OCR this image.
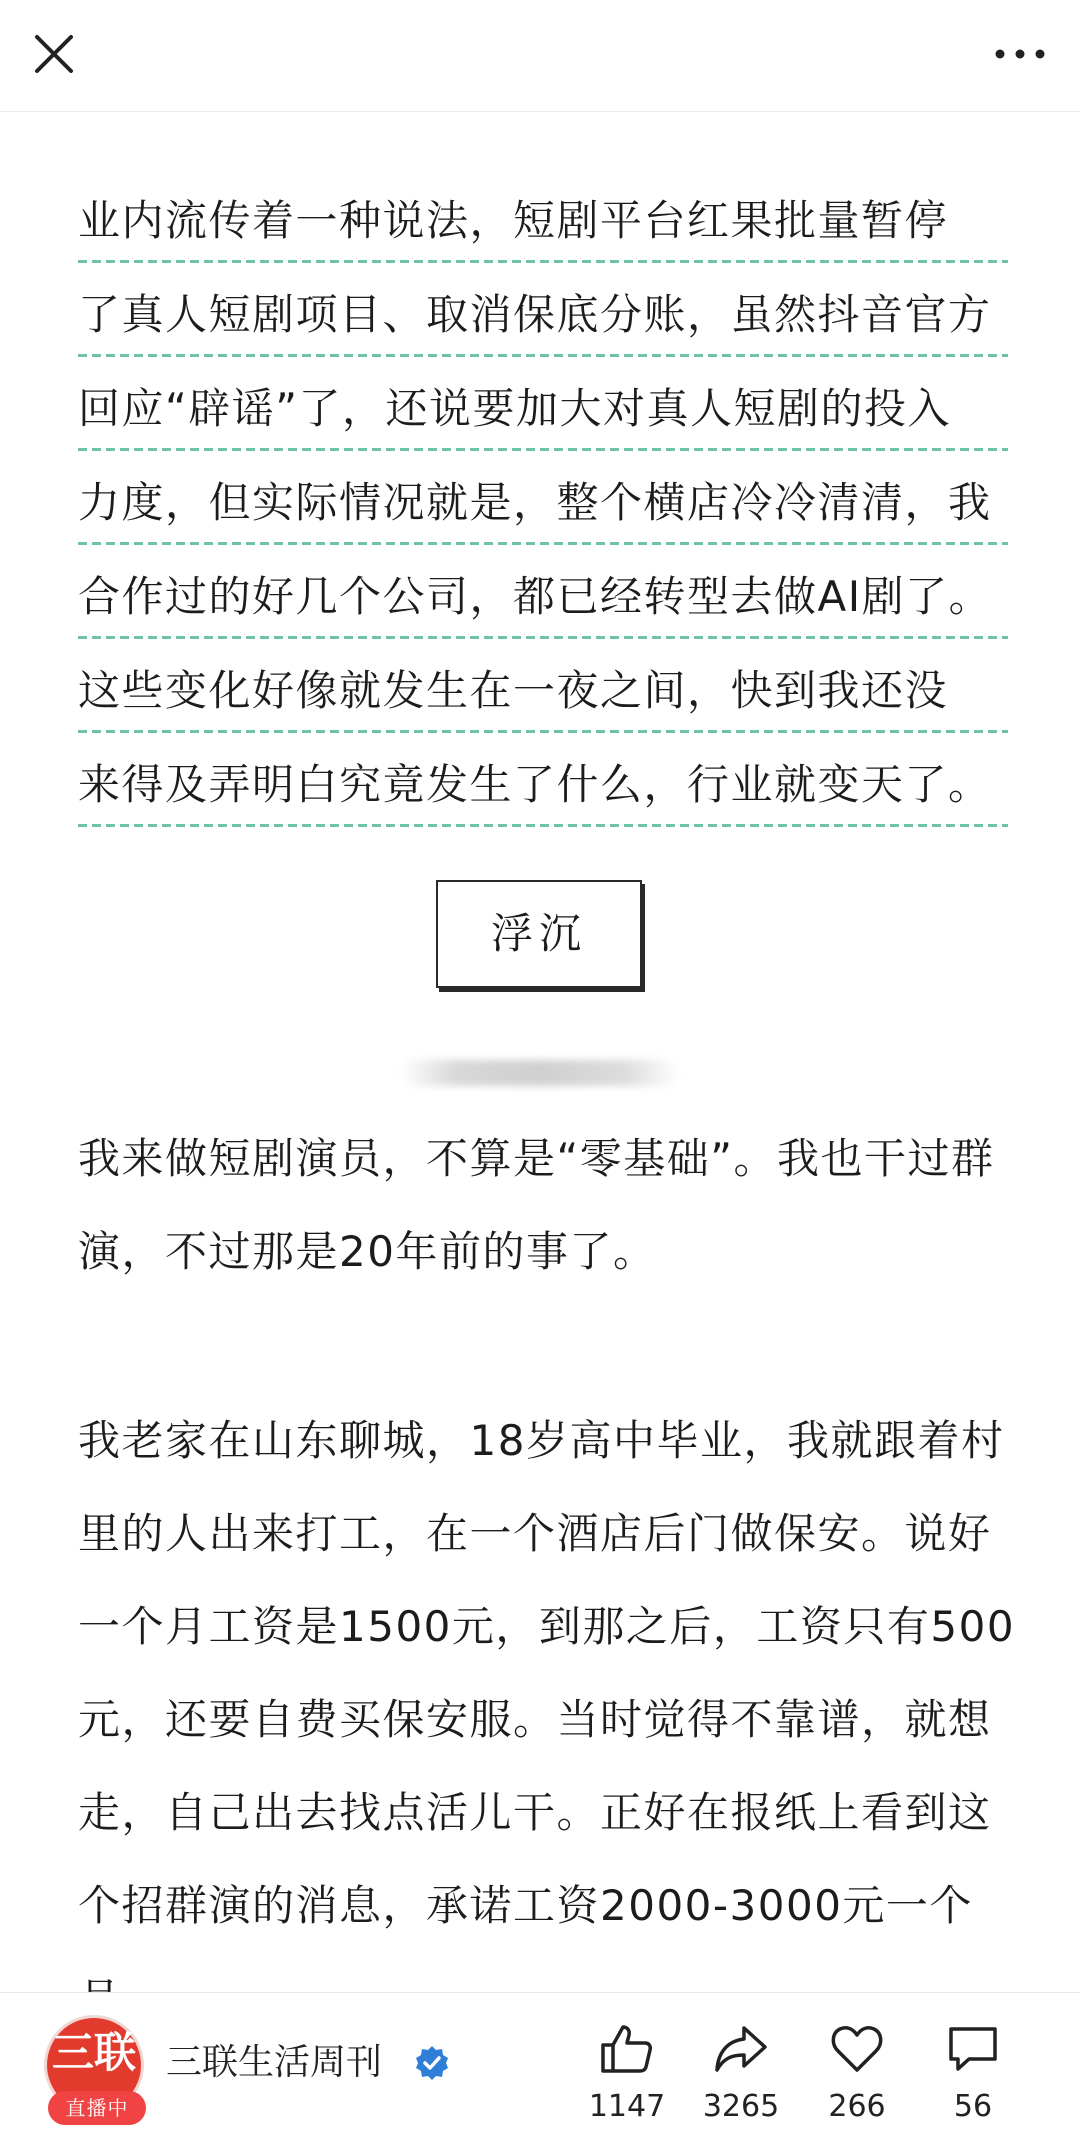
业内流传着一种说法，短剧平台红果批量暂停
了真人短剧项目、取消保底分账，虽然抖音官方
回应“辟谣”了，还说要加大对真人短剧的投入
力度，但实际情况就是，整个横店冷冷清清，我
合作过的好几个公司，都已经转型去做AI剧了。
这些变化好像就发生在一夜之间，快到我还没
来得及弄明白究竟发生了什么，行业就变天了。
浮沉
我来做短剧演员，不算是“零基础”。我也干过群
演，不过那是20年前的事了。
我老家在山东聊城，18岁高中毕业，我就跟着村
里的人出来打工，在一个酒店后门做保安。说好
一个月工资是1500元，到那之后，工资只有500
元，还要自费买保安服。当时觉得不靠谱，就想
走，自己出去找点活儿干。正好在报纸上看到这
个招群演的消息，承诺工资2000-3000元一个
三联
直播中
三联生活周刊
1147 3265	266	56
